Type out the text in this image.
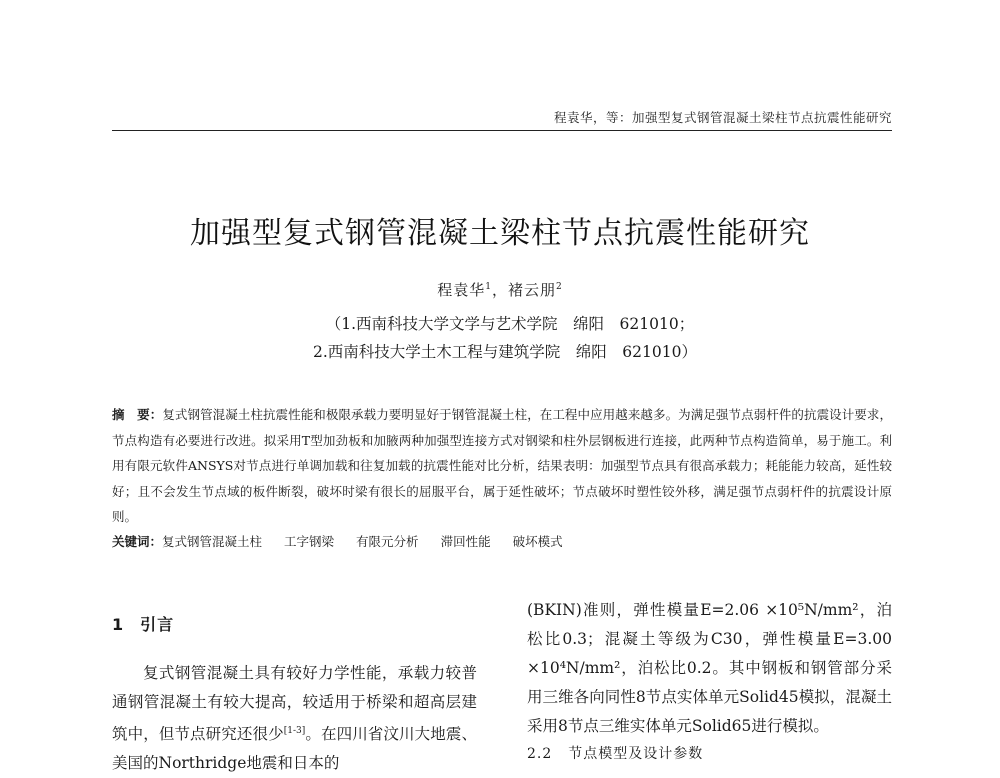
程袁华，等：加强型复式钢管混凝土梁柱节点抗震性能研究
加强型复式钢管混凝土梁柱节点抗震性能研究
程袁华$^1$，褚云朋$^2$
（1.西南科技大学文学与艺术学院　绵阳　621010；
2.西南科技大学土木工程与建筑学院　绵阳　621010）
摘　要：复式钢管混凝土柱抗震性能和极限承载力要明显好于钢管混凝土柱，在工程中应用越来越多。为满足强节点弱杆件的抗震设计要求，节点构造有必要进行改进。拟采用T型加劲板和加腋两种加强型连接方式对钢梁和柱外层钢板进行连接，此两种节点构造简单，易于施工。利用有限元软件ANSYS对节点进行单调加载和往复加载的抗震性能对比分析，结果表明：加强型节点具有很高承载力；耗能能力较高，延性较好；且不会发生节点域的板件断裂，破坏时梁有很长的屈服平台，属于延性破坏；节点破坏时塑性铰外移，满足强节点弱杆件的抗震设计原则。
关键词：复式钢管混凝土柱 工字钢梁 有限元分析 滞回性能 破坏模式
1 引言

复式钢管混凝土具有较好力学性能，承载力较普通钢管混凝土有较大提高，较适用于桥梁和超高层建筑中，但节点研究还很少[1-3]。在四川省汶川大地震、美国的Northridge地震和日本的

(BKIN)准则，弹性模量E=2.06 ×10⁵N/mm²，泊松比0.3；混凝土等级为C30，弹性模量E=3.00 ×10⁴N/mm²，泊松比0.2。其中钢板和钢管部分采用三维各向同性8节点实体单元Solid45模拟，混凝土采用8节点三维实体单元Solid65进行模拟。

2.2 节点模型及设计参数
